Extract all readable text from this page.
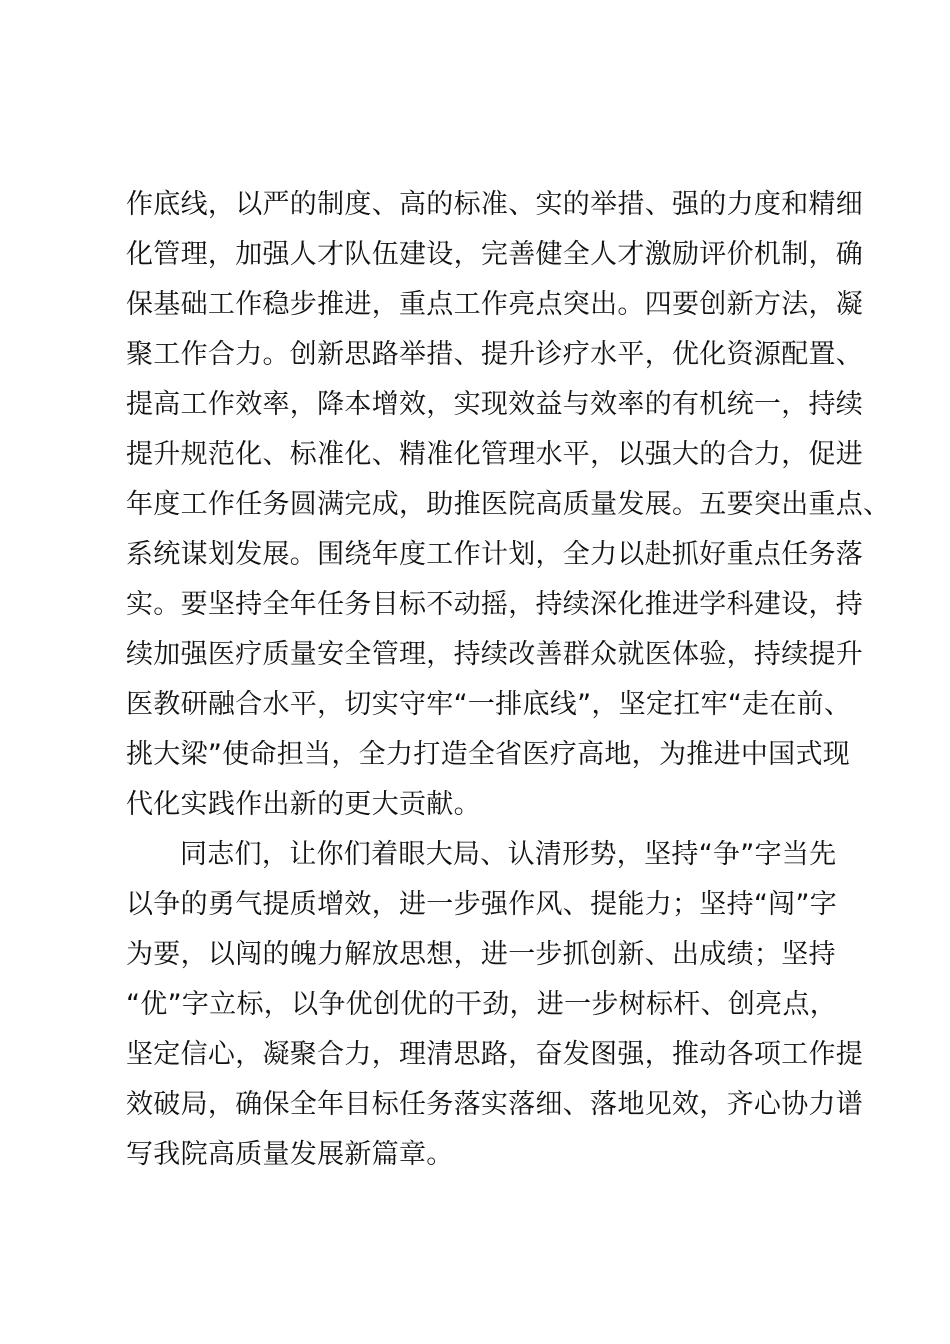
作底线，以严的制度、高的标准、实的举措、强的力度和精细
化管理，加强人才队伍建设，完善健全人才激励评价机制，确
保基础工作稳步推进，重点工作亮点突出。四要创新方法，凝
聚工作合力。创新思路举措、提升诊疗水平，优化资源配置、
提高工作效率，降本增效，实现效益与效率的有机统一，持续
提升规范化、标准化、精准化管理水平，以强大的合力，促进
年度工作任务圆满完成，助推医院高质量发展。五要突出重点、
系统谋划发展。围绕年度工作计划，全力以赴抓好重点任务落
实。要坚持全年任务目标不动摇，持续深化推进学科建设，持
续加强医疗质量安全管理，持续改善群众就医体验，持续提升
医教研融合水平，切实守牢“一排底线”，坚定扛牢“走在前、
挑大梁”使命担当，全力打造全省医疗高地，为推进中国式现
代化实践作出新的更大贡献。
同志们，让你们着眼大局、认清形势，坚持“争”字当先
以争的勇气提质增效，进一步强作风、提能力；坚持“闯”字
为要，以闯的魄力解放思想，进一步抓创新、出成绩；坚持
“优”字立标，以争优创优的干劲，进一步树标杆、创亮点，
坚定信心，凝聚合力，理清思路，奋发图强，推动各项工作提
效破局，确保全年目标任务落实落细、落地见效，齐心协力谱
写我院高质量发展新篇章。
